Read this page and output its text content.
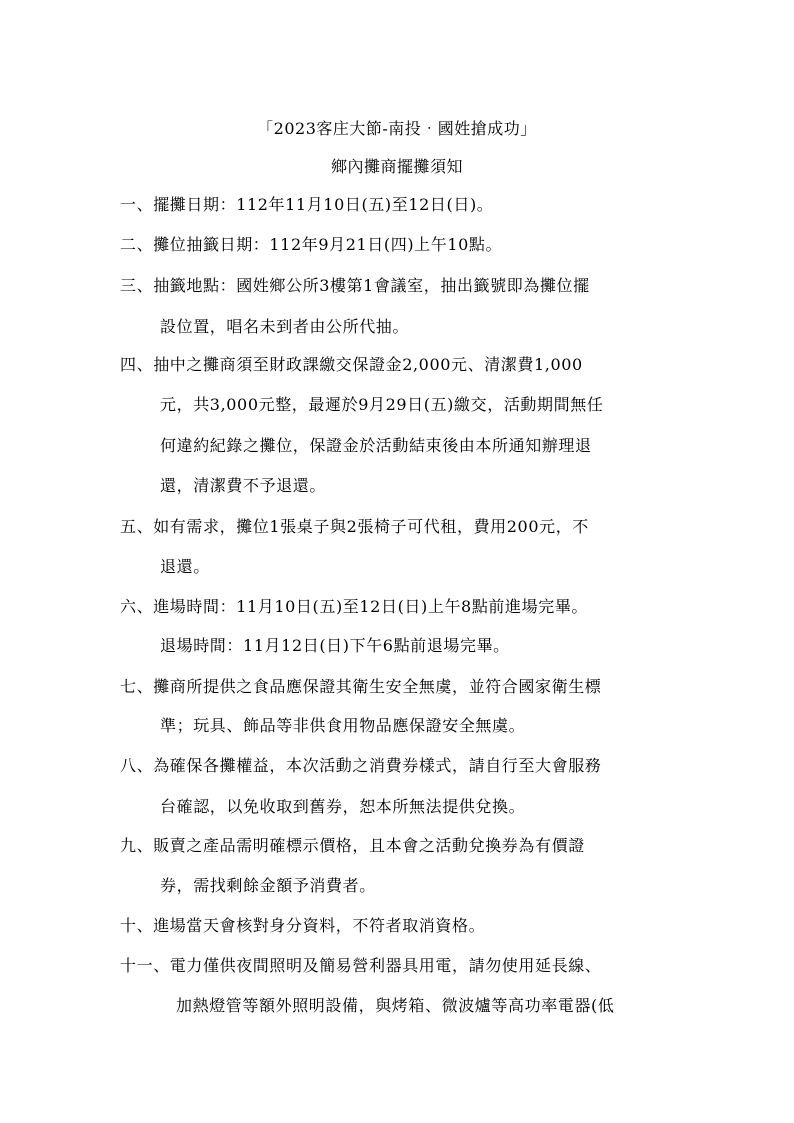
「2023客庄大節-南投‧國姓搶成功」
鄉內攤商擺攤須知
一、擺攤日期：112年11月10日(五)至12日(日)。
二、攤位抽籤日期：112年9月21日(四)上午10點。
三、抽籤地點：國姓鄉公所3樓第1會議室，抽出籤號即為攤位擺
設位置，唱名未到者由公所代抽。
四、抽中之攤商須至財政課繳交保證金2,000元、清潔費1,000
元，共3,000元整，最遲於9月29日(五)繳交，活動期間無任
何違約紀錄之攤位，保證金於活動結束後由本所通知辦理退
還，清潔費不予退還。
五、如有需求，攤位1張桌子與2張椅子可代租，費用200元，不
退還。
六、進場時間：11月10日(五)至12日(日)上午8點前進場完畢。
退場時間：11月12日(日)下午6點前退場完畢。
七、攤商所提供之食品應保證其衛生安全無虞，並符合國家衛生標
準；玩具、飾品等非供食用物品應保證安全無虞。
八、為確保各攤權益，本次活動之消費券樣式，請自行至大會服務
台確認，以免收取到舊券，恕本所無法提供兌換。
九、販賣之產品需明確標示價格，且本會之活動兌換券為有價證
券，需找剩餘金額予消費者。
十、進場當天會核對身分資料，不符者取消資格。
十一、電力僅供夜間照明及簡易營利器具用電，請勿使用延長線、
加熱燈管等額外照明設備，與烤箱、微波爐等高功率電器(低
